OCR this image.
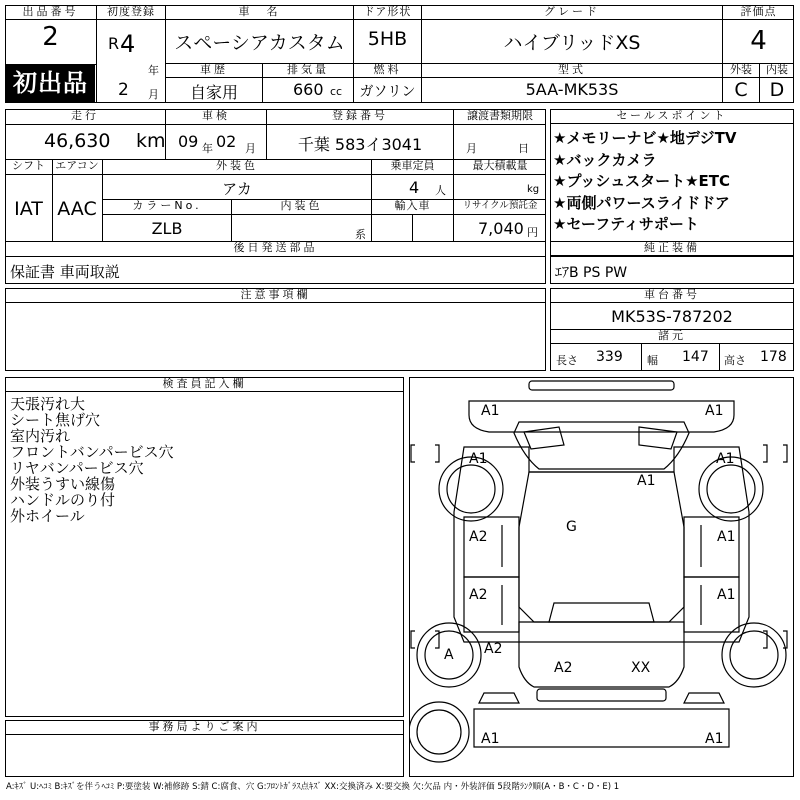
出品番号
2
初出品
初度登録
R 4
年
2 月
車　名
スペーシアカスタム
ドア形状
5HB
グレード
ハイブリッドXS
評価点
4
車歴
自家用
排気量
660 cc
燃料
ガソリン
型式
5AA-MK53S
外装	内装
C	D
走行
46,630 km
車検
09 年 02 月
登録番号
千葉 583イ3041
譲渡書類期限
月	日
シフト
IAT
エアコン
AAC
外装色
アカ
乗車定員
4 人
最大積載量
kg
カラーNo.
ZLB
内装色
系
輸入車	リサイクル預託金
7,040 円
後日発送部品
保証書 車両取説
セールスポイント
★メモリーナビ★地デジTV
★バックカメラ
★プッシュスタート★ETC
★両側パワースライドドア
★セーフティサポート
純正装備
ｴｱB PS PW
注意事項欄	車台番号
MK53S-787202
諸元
長さ 339 幅 147 高さ 178
検査員記入欄
天張汚れ大
シート焦げ穴
室内汚れ
フロントバンパービス穴
リヤバンパービス穴
外装うすい線傷
ハンドルのり付
外ホイール
事務局よりご案内
A1	A1
A1	A1
A1
G
A2	A1
A2	A1
A A2
A2	XX
A1	A1
A:ｷｽﾞ U:ﾍｺﾐ B:ｷｽﾞを伴うﾍｺﾐ P:要塗装 W:補修跡 S:錆 C:腐食、穴 G:ﾌﾛﾝﾄｶﾞﾗｽ点ｷｽﾞ XX:交換済み X:要交換 欠:欠品 内・外装評価 5段階ﾗﾝｸ順(A・B・C・D・E) 1
